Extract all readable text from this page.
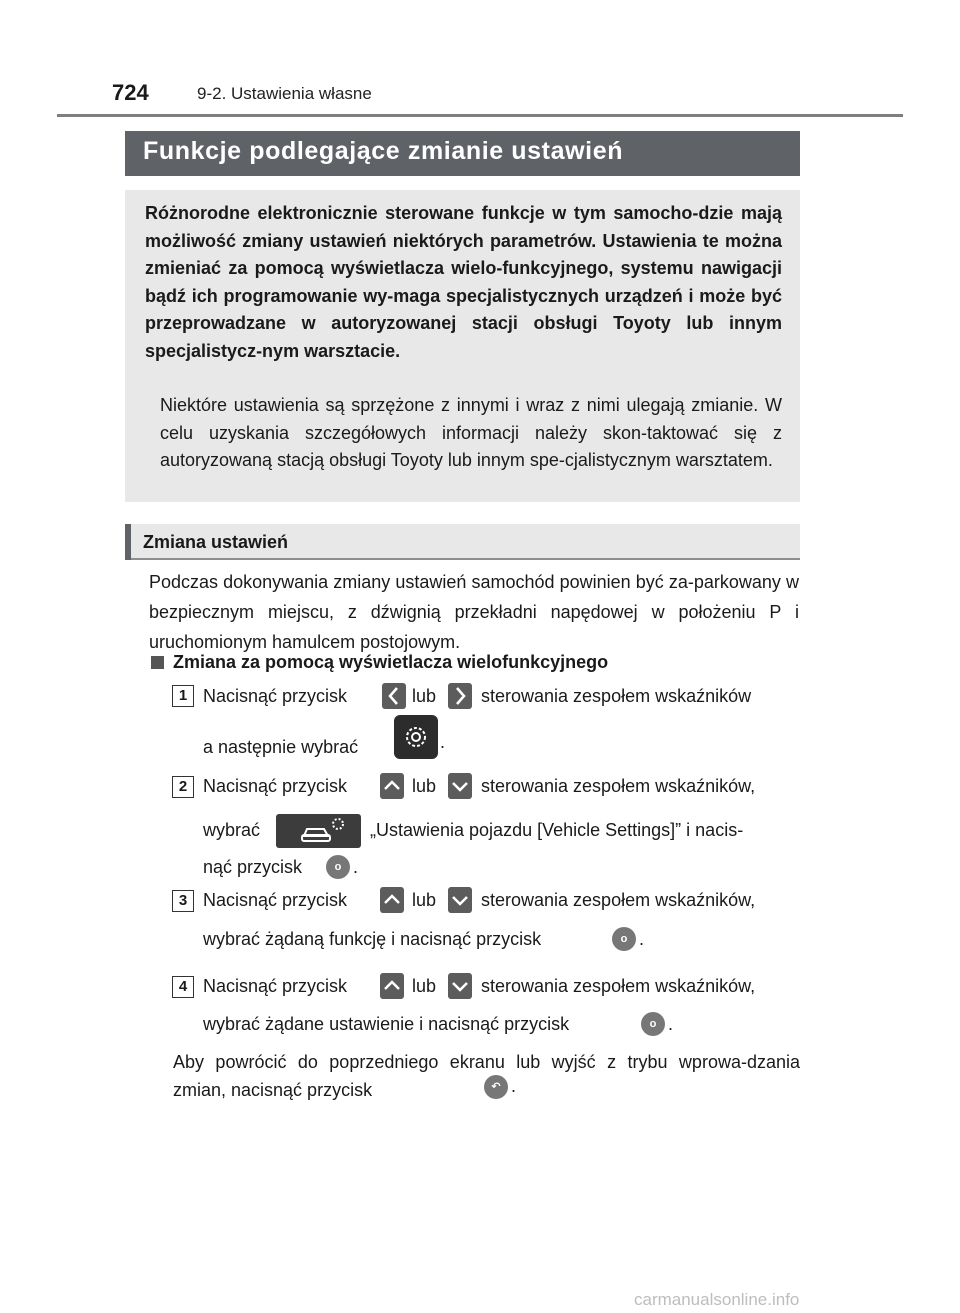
724	9-2. Ustawienia własne
Funkcje podlegające zmianie ustawień
Różnorodne elektronicznie sterowane funkcje w tym samocho-dzie mają możliwość zmiany ustawień niektórych parametrów. Ustawienia te można zmieniać za pomocą wyświetlacza wielo-funkcyjnego, systemu nawigacji bądź ich programowanie wy-maga specjalistycznych urządzeń i może być przeprowadzane w autoryzowanej stacji obsługi Toyoty lub innym specjalistycz-nym warsztacie.
Niektóre ustawienia są sprzężone z innymi i wraz z nimi ulegają zmianie. W celu uzyskania szczegółowych informacji należy skon-taktować się z autoryzowaną stacją obsługi Toyoty lub innym spe-cjalistycznym warsztatem.
Zmiana ustawień
Podczas dokonywania zmiany ustawień samochód powinien być za-parkowany w bezpiecznym miejscu, z dźwignią przekładni napędowej w położeniu P i uruchomionym hamulcem postojowym.
Zmiana za pomocą wyświetlacza wielofunkcyjnego
1 Nacisnąć przycisk	lub sterowania zespołem wskaźników
a następnie wybrać	.
2 Nacisnąć przycisk	lub sterowania zespołem wskaźników,
wybrać	„Ustawienia pojazdu [Vehicle Settings]” i nacis-
nąć przycisk	o .
3 Nacisnąć przycisk	lub sterowania zespołem wskaźników,
wybrać żądaną funkcję i nacisnąć przycisk	o .
4 Nacisnąć przycisk	lub sterowania zespołem wskaźników,
wybrać żądane ustawienie i nacisnąć przycisk	o .
Aby powrócić do poprzedniego ekranu lub wyjść z trybu wprowa-dzania zmian, nacisnąć przycisk	↶ .
carmanualsonline.info
